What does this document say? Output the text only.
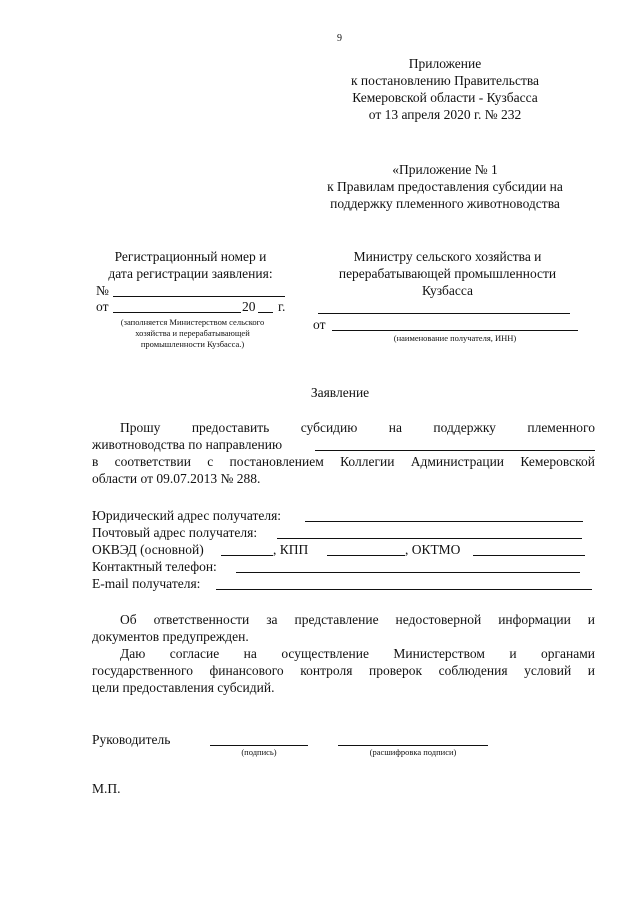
9
Приложение
к постановлению Правительства
Кемеровской области - Кузбасса
от 13 апреля 2020 г. № 232
«Приложение № 1
к Правилам предоставления субсидии на
поддержку племенного животноводства
Регистрационный номер и
дата регистрации заявления:
№
от	20 г.
(заполняется Министерством сельского
хозяйства и перерабатывающей
промышленности Кузбасса.)
Министру сельского хозяйства и
перерабатывающей промышленности
Кузбасса
от
(наименование получателя, ИНН)
Заявление
Прошу предоставить субсидию на поддержку племенного
животноводства по направлению
в соответствии с постановлением Коллегии Администрации Кемеровской
области от 09.07.2013 № 288.
Юридический адрес получателя:
Почтовый адрес получателя:
ОКВЭД (основной)	, КПП	, ОКТМО
Контактный телефон:
E-mail получателя:
Об ответственности за представление недостоверной информации и
документов предупрежден.
Даю согласие на осуществление Министерством и органами
государственного финансового контроля проверок соблюдения условий и
цели предоставления субсидий.
Руководитель
(подпись)	(расшифровка подписи)
М.П.
